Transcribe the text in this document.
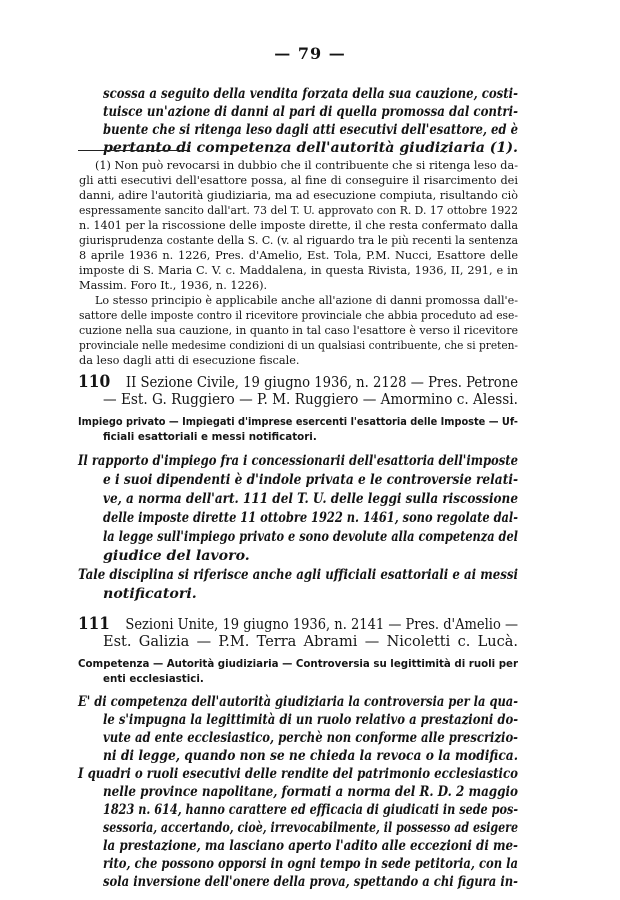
— 79 —
scossa a seguito della vendita forzata della sua cauzione, costi-
tuisce un'azione di danni al pari di quella promossa dal contri-
buente che si ritenga leso dagli atti esecutivi dell'esattore, ed è
pertanto di competenza dell'autorità giudiziaria (1).
(1) Non può revocarsi in dubbio che il contribuente che si ritenga leso da-
gli atti esecutivi dell'esattore possa, al fine di conseguire il risarcimento dei
danni, adire l'autorità giudiziaria, ma ad esecuzione compiuta, risultando ciò
espressamente sancito dall'art. 73 del T. U. approvato con R. D. 17 ottobre 1922
n. 1401 per la riscossione delle imposte dirette, il che resta confermato dalla
giurisprudenza costante della S. C. (v. al riguardo tra le più recenti la sentenza
8 aprile 1936 n. 1226, Pres. d'Amelio, Est. Tola, P.M. Nucci, Esattore delle
imposte di S. Maria C. V. c. Maddalena, in questa Rivista, 1936, II, 291, e in
Massim. Foro It., 1936, n. 1226).
Lo stesso principio è applicabile anche all'azione di danni promossa dall'e-
sattore delle imposte contro il ricevitore provinciale che abbia proceduto ad ese-
cuzione nella sua cauzione, in quanto in tal caso l'esattore è verso il ricevitore
provinciale nelle medesime condizioni di un qualsiasi contribuente, che si preten-
da leso dagli atti di esecuzione fiscale.
110 II Sezione Civile, 19 giugno 1936, n. 2128 — Pres. Petrone
— Est. G. Ruggiero — P. M. Ruggiero — Amormino c. Alessi.
Impiego privato — Impiegati d'imprese esercenti l'esattoria delle Imposte — Uf-
ficiali esattoriali e messi notificatori.
Il rapporto d'impiego fra i concessionarii dell'esattoria dell'imposte
e i suoi dipendenti è d'indole privata e le controversie relati-
ve, a norma dell'art. 111 del T. U. delle leggi sulla riscossione
delle imposte dirette 11 ottobre 1922 n. 1461, sono regolate dal-
la legge sull'impiego privato e sono devolute alla competenza del
giudice del lavoro.
Tale disciplina si riferisce anche agli ufficiali esattoriali e ai messi
notificatori.
111 Sezioni Unite, 19 giugno 1936, n. 2141 — Pres. d'Amelio —
Est. Galizia — P.M. Terra Abrami — Nicoletti c. Lucà.
Competenza — Autorità giudiziaria — Controversia su legittimità di ruoli per
enti ecclesiastici.
E' di competenza dell'autorità giudiziaria la controversia per la qua-
le s'impugna la legittimità di un ruolo relativo a prestazioni do-
vute ad ente ecclesiastico, perchè non conforme alle prescrizio-
ni di legge, quando non se ne chieda la revoca o la modifica.
I quadri o ruoli esecutivi delle rendite del patrimonio ecclesiastico
nelle province napolitane, formati a norma del R. D. 2 maggio
1823 n. 614, hanno carattere ed efficacia di giudicati in sede pos-
sessoria, accertando, cioè, irrevocabilmente, il possesso ad esigere
la prestazione, ma lasciano aperto l'adito alle eccezioni di me-
rito, che possono opporsi in ogni tempo in sede petitoria, con la
sola inversione dell'onere della prova, spettando a chi figura in-
